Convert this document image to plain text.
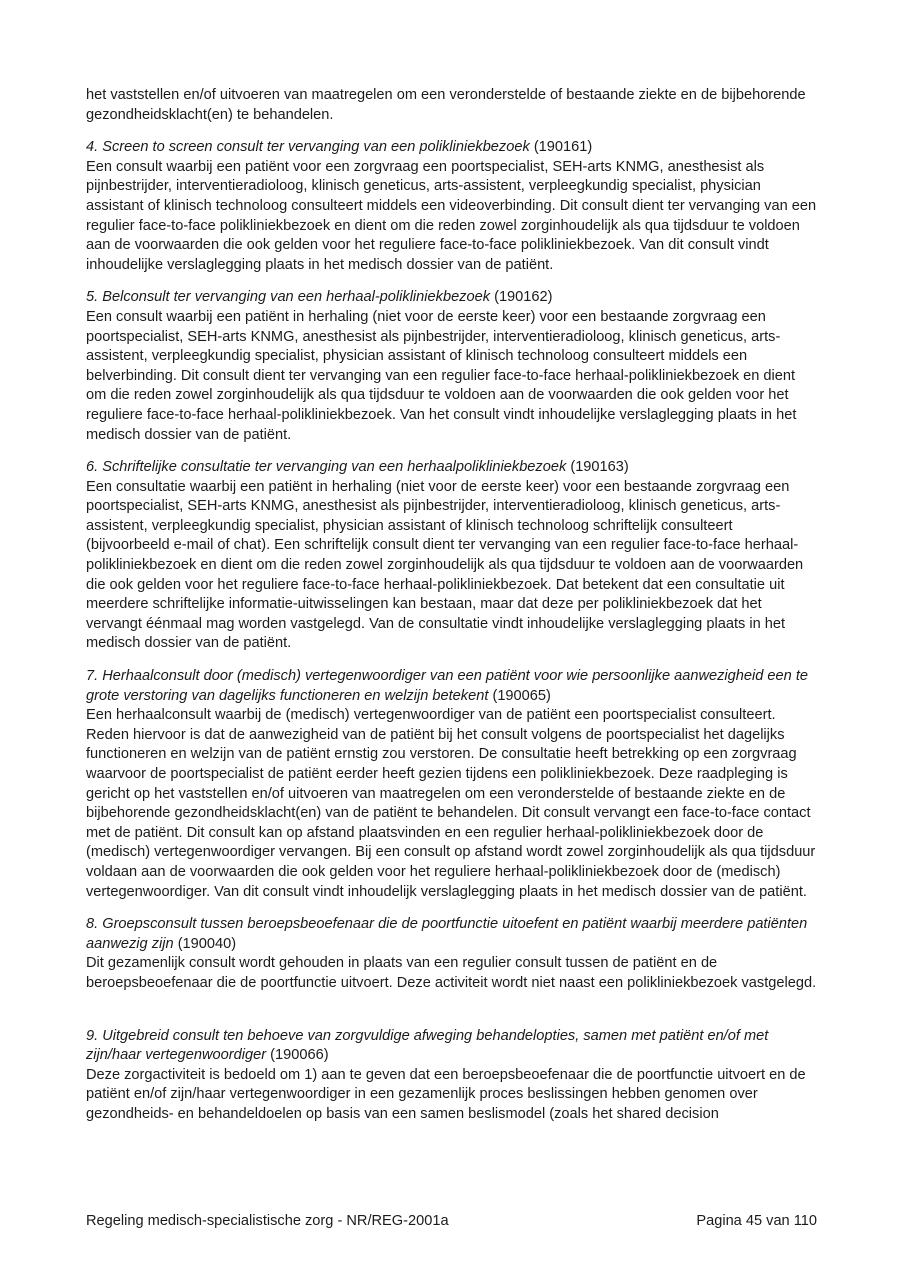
het vaststellen en/of uitvoeren van maatregelen om een veronderstelde of bestaande ziekte en de bijbehorende gezondheidsklacht(en) te behandelen.

4. Screen to screen consult ter vervanging van een polikliniekbezoek (190161)

Een consult waarbij een patiënt voor een zorgvraag een poortspecialist, SEH-arts KNMG, anesthesist als pijnbestrijder, interventieradioloog, klinisch geneticus, arts-assistent, verpleegkundig specialist, physician assistant of klinisch technoloog consulteert middels een videoverbinding. Dit consult dient ter vervanging van een regulier face-to-face polikliniekbezoek en dient om die reden zowel zorginhoudelijk als qua tijdsduur te voldoen aan de voorwaarden die ook gelden voor het reguliere face-to-face polikliniekbezoek. Van dit consult vindt inhoudelijke verslaglegging plaats in het medisch dossier van de patiënt.

5. Belconsult ter vervanging van een herhaal-polikliniekbezoek (190162)

Een consult waarbij een patiënt in herhaling (niet voor de eerste keer) voor een bestaande zorgvraag een poortspecialist, SEH-arts KNMG, anesthesist als pijnbestrijder, interventieradioloog, klinisch geneticus, arts-assistent, verpleegkundig specialist, physician assistant of klinisch technoloog consulteert middels een belverbinding. Dit consult dient ter vervanging van een regulier face-to-face herhaal-polikliniekbezoek en dient om die reden zowel zorginhoudelijk als qua tijdsduur te voldoen aan de voorwaarden die ook gelden voor het reguliere face-to-face herhaal-polikliniekbezoek. Van het consult vindt inhoudelijke verslaglegging plaats in het medisch dossier van de patiënt.

6. Schriftelijke consultatie ter vervanging van een herhaalpolikliniekbezoek (190163)

Een consultatie waarbij een patiënt in herhaling (niet voor de eerste keer) voor een bestaande zorgvraag een poortspecialist, SEH-arts KNMG, anesthesist als pijnbestrijder, interventieradioloog, klinisch geneticus, arts-assistent, verpleegkundig specialist, physician assistant of klinisch technoloog schriftelijk consulteert (bijvoorbeeld e-mail of chat). Een schriftelijk consult dient ter vervanging van een regulier face-to-face herhaal-polikliniekbezoek en dient om die reden zowel zorginhoudelijk als qua tijdsduur te voldoen aan de voorwaarden die ook gelden voor het reguliere face-to-face herhaal-polikliniekbezoek. Dat betekent dat een consultatie uit meerdere schriftelijke informatie-uitwisselingen kan bestaan, maar dat deze per polikliniekbezoek dat het vervangt éénmaal mag worden vastgelegd. Van de consultatie vindt inhoudelijke verslaglegging plaats in het medisch dossier van de patiënt.

7. Herhaalconsult door (medisch) vertegenwoordiger van een patiënt voor wie persoonlijke aanwezigheid een te grote verstoring van dagelijks functioneren en welzijn betekent (190065)

Een herhaalconsult waarbij de (medisch) vertegenwoordiger van de patiënt een poortspecialist consulteert. Reden hiervoor is dat de aanwezigheid van de patiënt bij het consult volgens de poortspecialist het dagelijks functioneren en welzijn van de patiënt ernstig zou verstoren. De consultatie heeft betrekking op een zorgvraag waarvoor de poortspecialist de patiënt eerder heeft gezien tijdens een polikliniekbezoek. Deze raadpleging is gericht op het vaststellen en/of uitvoeren van maatregelen om een veronderstelde of bestaande ziekte en de bijbehorende gezondheidsklacht(en) van de patiënt te behandelen. Dit consult vervangt een face-to-face contact met de patiënt. Dit consult kan op afstand plaatsvinden en een regulier herhaal-polikliniekbezoek door de (medisch) vertegenwoordiger vervangen. Bij een consult op afstand wordt zowel zorginhoudelijk als qua tijdsduur voldaan aan de voorwaarden die ook gelden voor het reguliere herhaal-polikliniekbezoek door de (medisch) vertegenwoordiger. Van dit consult vindt inhoudelijk verslaglegging plaats in het medisch dossier van de patiënt.

8. Groepsconsult tussen beroepsbeoefenaar die de poortfunctie uitoefent en patiënt waarbij meerdere patiënten aanwezig zijn (190040)

Dit gezamenlijk consult wordt gehouden in plaats van een regulier consult tussen de patiënt en de beroepsbeoefenaar die de poortfunctie uitvoert. Deze activiteit wordt niet naast een polikliniekbezoek vastgelegd.

9. Uitgebreid consult ten behoeve van zorgvuldige afweging behandelopties, samen met patiënt en/of met zijn/haar vertegenwoordiger (190066)

Deze zorgactiviteit is bedoeld om 1) aan te geven dat een beroepsbeoefenaar die de poortfunctie uitvoert en de patiënt en/of zijn/haar vertegenwoordiger in een gezamenlijk proces beslissingen hebben genomen over gezondheids- en behandeldoelen op basis van een samen beslismodel (zoals het shared decision

Regeling medisch-specialistische zorg - NR/REG-2001a	Pagina 45 van 110
